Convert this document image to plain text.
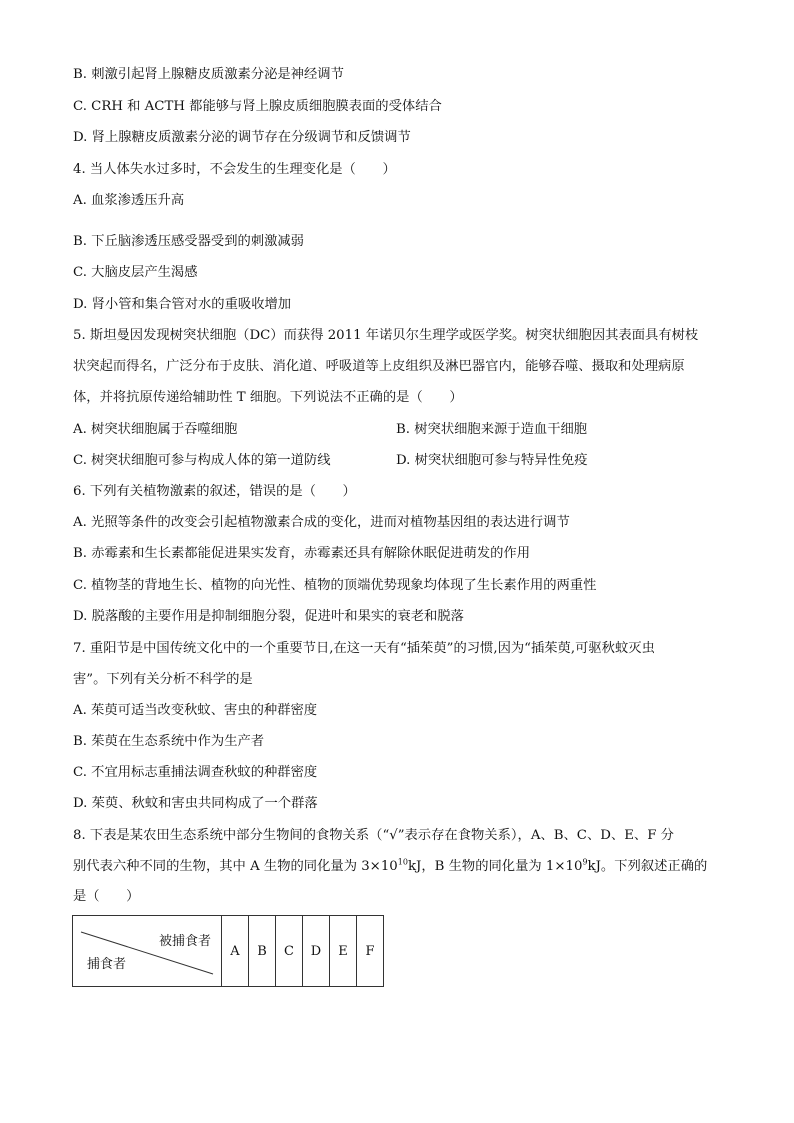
B. 刺激引起肾上腺糖皮质激素分泌是神经调节
C. CRH 和 ACTH 都能够与肾上腺皮质细胞膜表面的受体结合
D. 肾上腺糖皮质激素分泌的调节存在分级调节和反馈调节
4. 当人体失水过多时，不会发生的生理变化是（　　）
A. 血浆渗透压升高
B. 下丘脑渗透压感受器受到的刺激减弱
C. 大脑皮层产生渴感
D. 肾小管和集合管对水的重吸收增加
5. 斯坦曼因发现树突状细胞（DC）而获得 2011 年诺贝尔生理学或医学奖。树突状细胞因其表面具有树枝
状突起而得名，广泛分布于皮肤、消化道、呼吸道等上皮组织及淋巴器官内，能够吞噬、摄取和处理病原
体，并将抗原传递给辅助性 T 细胞。下列说法不正确的是（　　）
A. 树突状细胞属于吞噬细胞	B. 树突状细胞来源于造血干细胞
C. 树突状细胞可参与构成人体的第一道防线	D. 树突状细胞可参与特异性免疫
6. 下列有关植物激素的叙述，错误的是（　　）
A. 光照等条件的改变会引起植物激素合成的变化，进而对植物基因组的表达进行调节
B. 赤霉素和生长素都能促进果实发育，赤霉素还具有解除休眠促进萌发的作用
C. 植物茎的背地生长、植物的向光性、植物的顶端优势现象均体现了生长素作用的两重性
D. 脱落酸的主要作用是抑制细胞分裂，促进叶和果实的衰老和脱落
7. 重阳节是中国传统文化中的一个重要节日,在这一天有“插茱萸”的习惯,因为“插茱萸,可驱秋蚊灭虫
害”。下列有关分析不科学的是
A. 茱萸可适当改变秋蚊、害虫的种群密度
B. 茱萸在生态系统中作为生产者
C. 不宜用标志重捕法调查秋蚊的种群密度
D. 茱萸、秋蚊和害虫共同构成了一个群落
8. 下表是某农田生态系统中部分生物间的食物关系（“√”表示存在食物关系），A、B、C、D、E、F 分
别代表六种不同的生物，其中 A 生物的同化量为 $3\times 10^{10}kJ$，B 生物的同化量为 $1\times 10^9kJ$。下列叙述正确的
是（　　）
被捕食者
捕食者
	A	B	C	D	E	F
